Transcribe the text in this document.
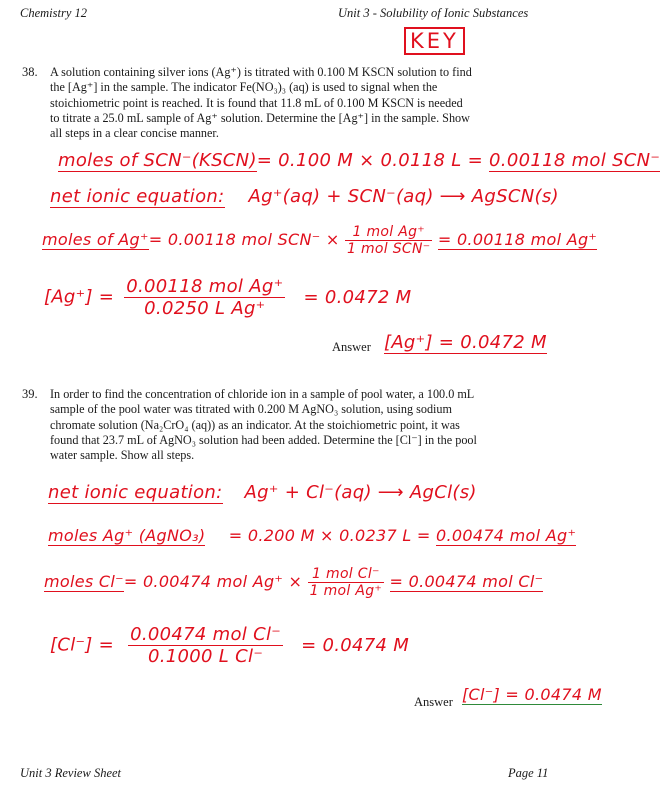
Chemistry 12	Unit 3 - Solubility of Ionic Substances
KEY
38. A solution containing silver ions (Ag⁺) is titrated with 0.100 M KSCN solution to find

the [Ag⁺] in the sample. The indicator Fe(NO₃)₃ (aq) is used to signal when the

stoichiometric point is reached. It is found that 11.8 mL of 0.100 M KSCN is needed

to titrate a 25.0 mL sample of Ag⁺ solution. Determine the [Ag⁺] in the sample. Show

all steps in a clear concise manner.

moles of SCN⁻(KSCN)= 0.100 M × 0.0118 L = 0.00118 mol SCN⁻
net ionic equation: Ag⁺(aq) + SCN⁻(aq) ⟶ AgSCN(s)
moles of Ag⁺= 0.00118 mol $SCN^- \times \frac{\text{1 mol Ag⁺}}{\text{1 mol SCN⁻}} = 0.00118$ mol Ag⁺
$[Ag^+] = \frac{\text{0.00118 mol Ag⁺}}{\text{0.0250 L Ag⁺}} = 0.0472$ M
Answer [Ag⁺] = 0.0472 M
39. In order to find the concentration of chloride ion in a sample of pool water, a 100.0 mL

sample of the pool water was titrated with 0.200 M AgNO₃ solution, using sodium

chromate solution (Na₂CrO₄ (aq)) as an indicator. At the stoichiometric point, it was

found that 23.7 mL of AgNO₃ solution had been added. Determine the [Cl⁻] in the pool

water sample. Show all steps.

net ionic equation: Ag⁺ + Cl⁻(aq) ⟶ AgCl(s)
moles Ag⁺ (AgNO₃) = 0.200 M × 0.0237 L = 0.00474 mol Ag⁺
moles Cl⁻= 0.00474 mol $Ag^+ \times \frac{\text{1 mol Cl⁻}}{\text{1 mol Ag⁺}} = 0.00474$ mol Cl⁻
$[Cl^-] = \frac{\text{0.00474 mol Cl⁻}}{\text{0.1000 L Cl⁻}} = 0.0474$ M
Answer [Cl⁻] = 0.0474 M
Unit 3 Review Sheet	Page 11
